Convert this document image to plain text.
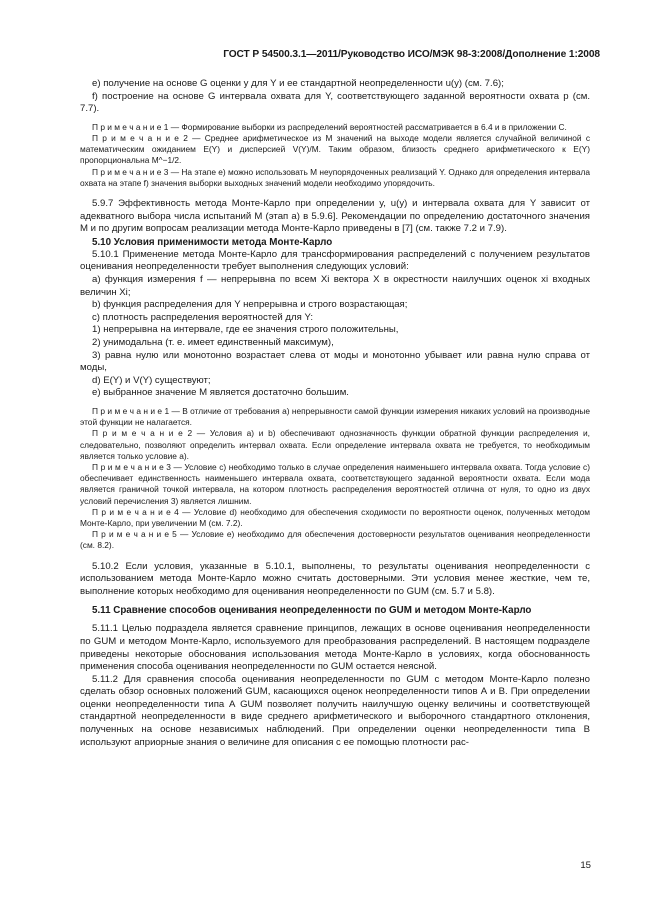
ГОСТ Р 54500.3.1—2011/Руководство ИСО/МЭК 98-3:2008/Дополнение 1:2008

е) получение на основе G оценки y для Y и ее стандартной неопределенности u(y) (см. 7.6);

f) построение на основе G интервала охвата для Y, соответствующего заданной вероятности охвата p (см. 7.7).

П р и м е ч а н и е 1 — Формирование выборки из распределений вероятностей рассматривается в 6.4 и в приложении С.

П р и м е ч а н и е 2 — Среднее арифметическое из M значений на выходе модели является случайной величиной с математическим ожиданием E(Y) и дисперсией V(Y)/M. Таким образом, близость среднего арифметического к E(Y) пропорциональна M^−1/2.

П р и м е ч а н и е 3 — На этапе е) можно использовать M неупорядоченных реализаций Y. Однако для определения интервала охвата на этапе f) значения выборки выходных значений модели необходимо упорядочить.

5.9.7 Эффективность метода Монте-Карло при определении y, u(y) и интервала охвата для Y зависит от адекватного выбора числа испытаний M (этап а) в 5.9.6]. Рекомендации по определению достаточного значения M и по другим вопросам реализации метода Монте-Карло приведены в [7] (см. также 7.2 и 7.9).

5.10 Условия применимости метода Монте-Карло

5.10.1 Применение метода Монте-Карло для трансформирования распределений с получением результатов оценивания неопределенности требует выполнения следующих условий:

a) функция измерения f — непрерывна по всем Xi вектора X в окрестности наилучших оценок xi входных величин Xi;

b) функция распределения для Y непрерывна и строго возрастающая;

c) плотность распределения вероятностей для Y:

1) непрерывна на интервале, где ее значения строго положительны,

2) унимодальна (т. е. имеет единственный максимум),

3) равна нулю или монотонно возрастает слева от моды и монотонно убывает или равна нулю справа от моды,

d) E(Y) и V(Y) существуют;

e) выбранное значение M является достаточно большим.

П р и м е ч а н и е 1 — В отличие от требования а) непрерывности самой функции измерения никаких условий на производные этой функции не налагается.

П р и м е ч а н и е 2 — Условия а) и b) обеспечивают однозначность функции обратной функции распределения и, следовательно, позволяют определить интервал охвата. Если определение интервала охвата не требуется, то необходимым является только условие а).

П р и м е ч а н и е 3 — Условие с) необходимо только в случае определения наименьшего интервала охвата. Тогда условие с) обеспечивает единственность наименьшего интервала охвата, соответствующего заданной вероятности охвата. Если мода является граничной точкой интервала, на котором плотность распределения вероятностей отлична от нуля, то одно из двух условий перечисления 3) является лишним.

П р и м е ч а н и е 4 — Условие d) необходимо для обеспечения сходимости по вероятности оценок, полученных методом Монте-Карло, при увеличении M (см. 7.2).

П р и м е ч а н и е 5 — Условие е) необходимо для обеспечения достоверности результатов оценивания неопределенности (см. 8.2).

5.10.2 Если условия, указанные в 5.10.1, выполнены, то результаты оценивания неопределенности с использованием метода Монте-Карло можно считать достоверными. Эти условия менее жесткие, чем те, выполнение которых необходимо для оценивания неопределенности по GUM (см. 5.7 и 5.8).

5.11 Сравнение способов оценивания неопределенности по GUM и методом Монте-Карло

5.11.1 Целью подраздела является сравнение принципов, лежащих в основе оценивания неопределенности по GUM и методом Монте-Карло, используемого для преобразования распределений. В настоящем подразделе приведены некоторые обоснования использования метода Монте-Карло в условиях, когда обоснованность применения способа оценивания неопределенности по GUM остается неясной.

5.11.2 Для сравнения способа оценивания неопределенности по GUM с методом Монте-Карло полезно сделать обзор основных положений GUM, касающихся оценок неопределенности типов А и В. При определении оценки неопределенности типа А GUM позволяет получить наилучшую оценку величины и соответствующей стандартной неопределенности в виде среднего арифметического и выборочного стандартного отклонения, полученных на основе независимых наблюдений. При определении оценки неопределенности типа В используют априорные знания о величине для описания с ее помощью плотности рас-

15
